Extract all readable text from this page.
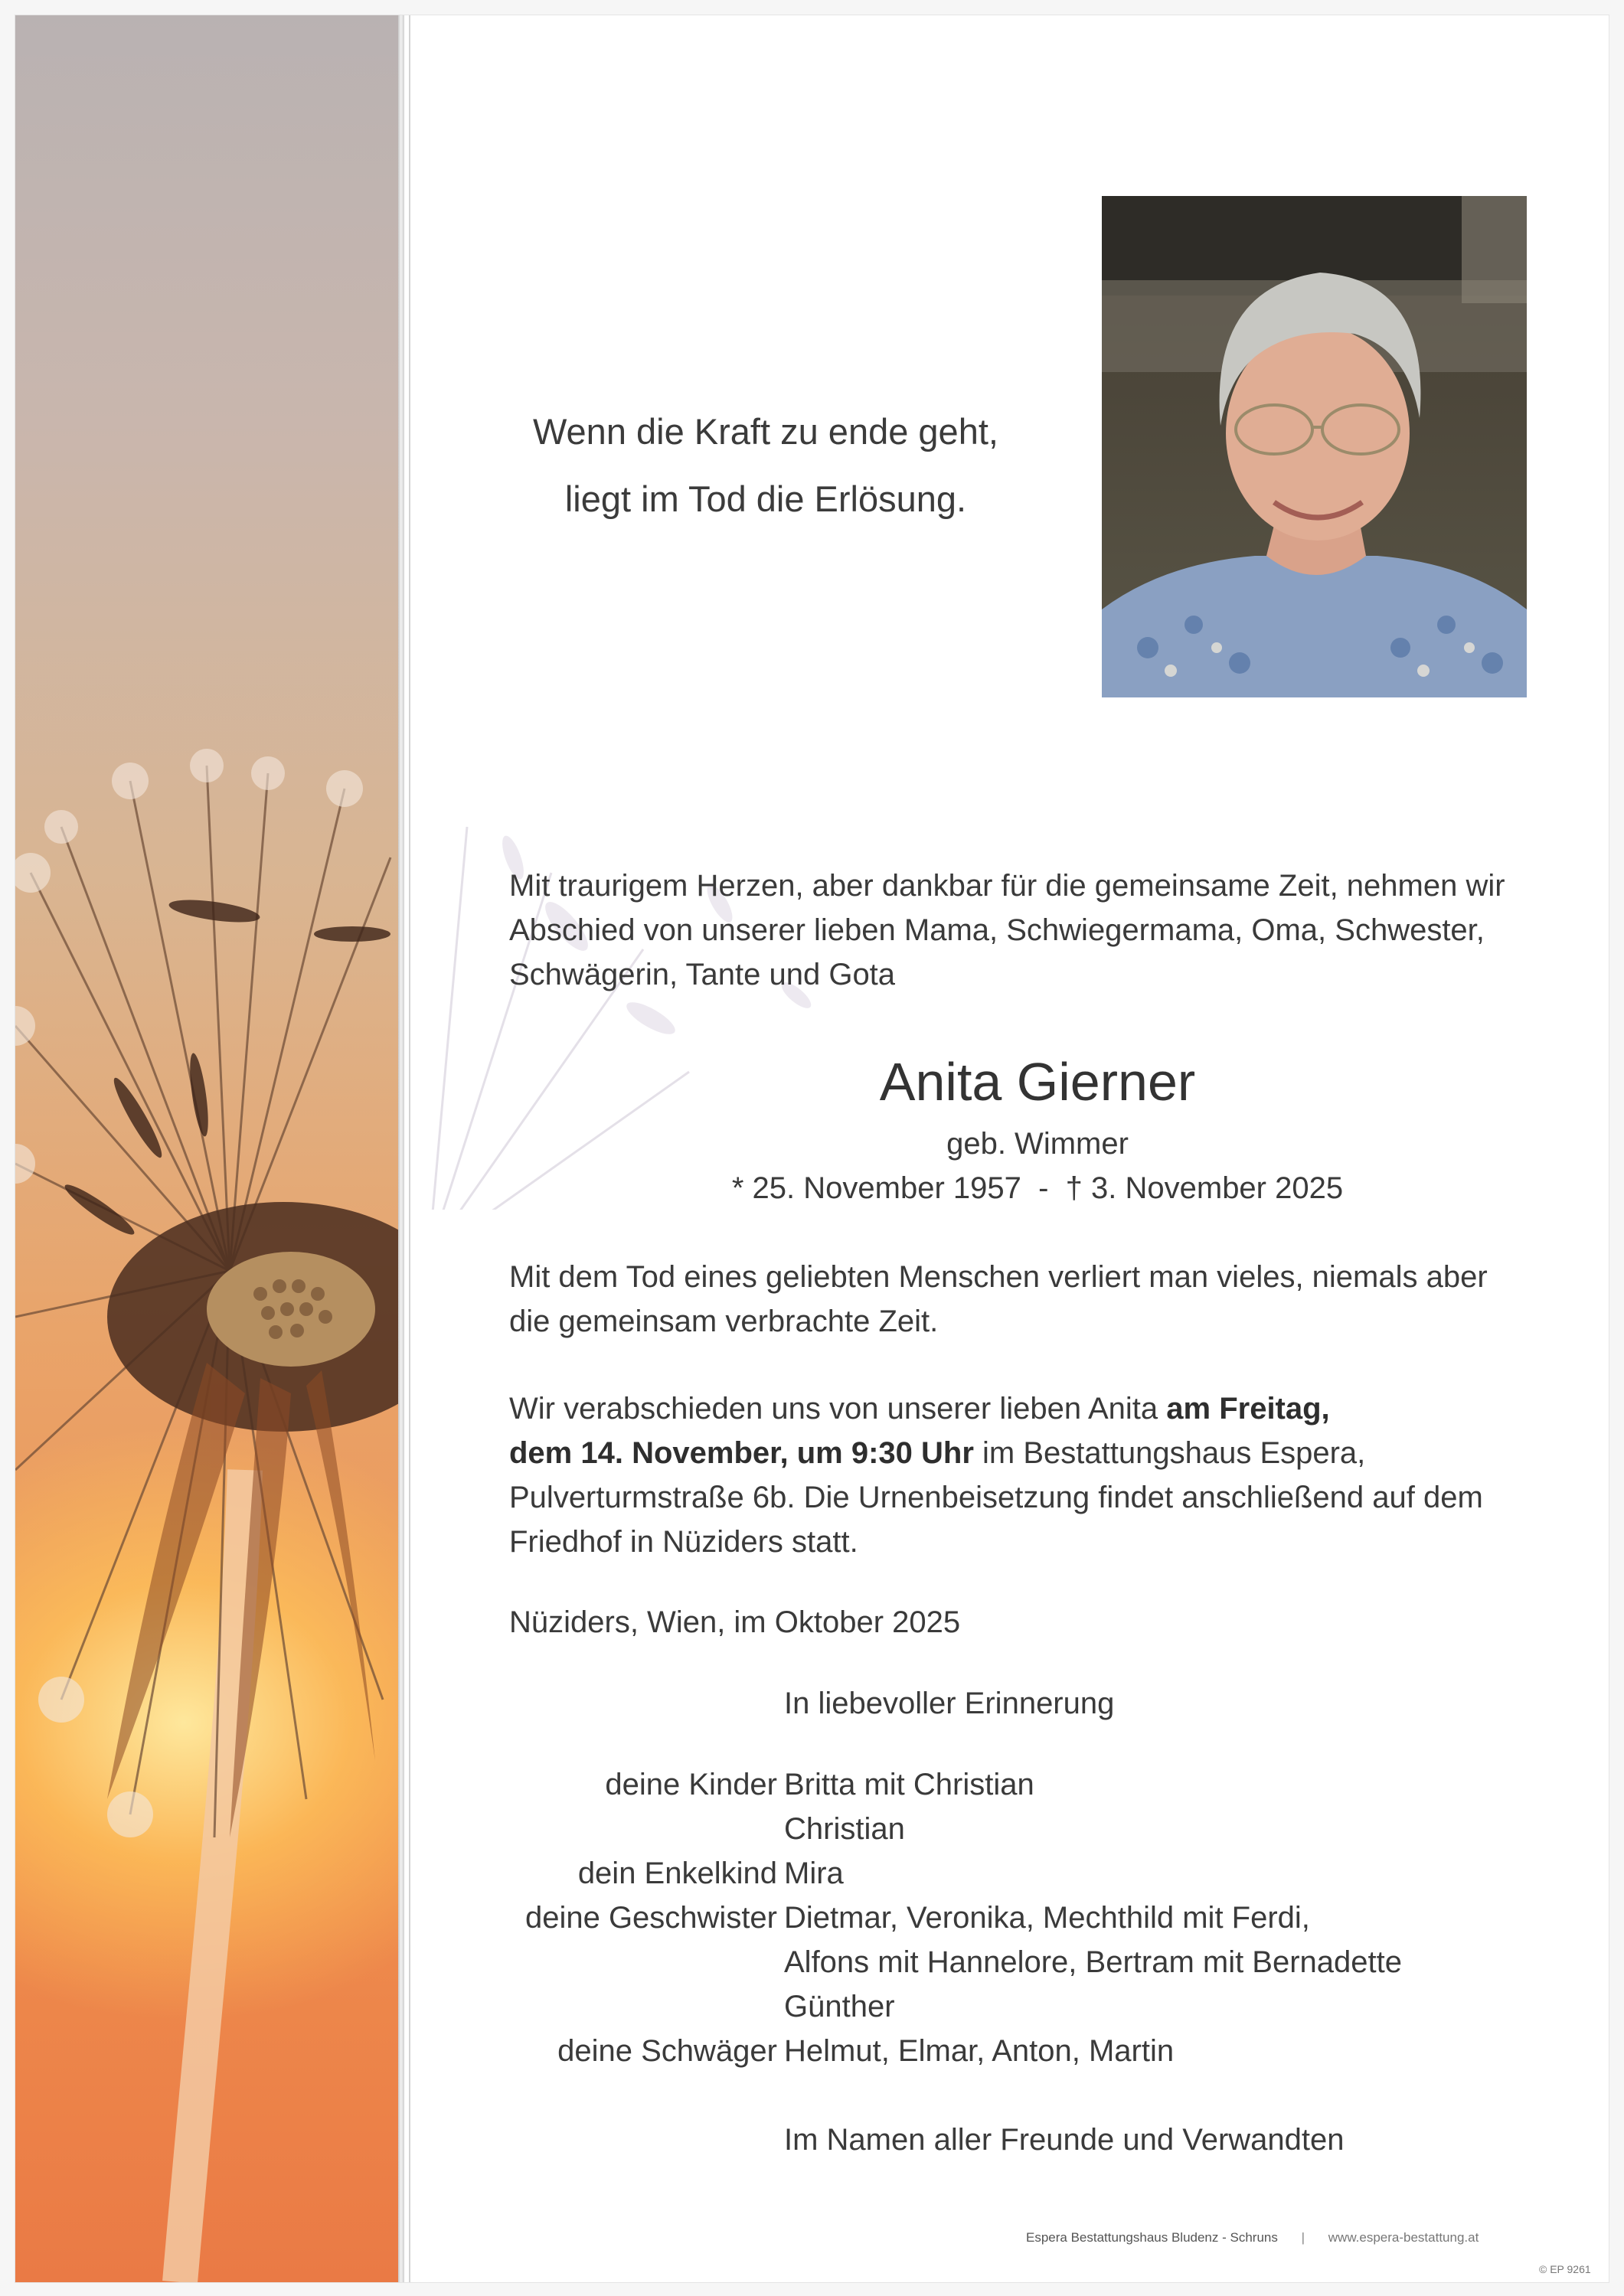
Wenn die Kraft zu ende geht,
liegt im Tod die Erlösung.
Mit traurigem Herzen, aber dankbar für die gemeinsame Zeit, nehmen wir
Abschied von unserer lieben Mama, Schwiegermama, Oma, Schwester,
Schwägerin, Tante und Gota
Anita Gierner
geb. Wimmer
* 25. November 1957  -  † 3. November 2025
Mit dem Tod eines geliebten Menschen verliert man vieles, niemals aber
die gemeinsam verbrachte Zeit.
Wir verabschieden uns von unserer lieben Anita am Freitag,
dem 14. November, um 9:30 Uhr im Bestattungshaus Espera,
Pulverturmstraße 6b. Die Urnenbeisetzung findet anschließend auf dem
Friedhof in Nüziders statt.
Nüziders, Wien, im Oktober 2025
In liebevoller Erinnerung
deine Kinder Britta mit Christian
Christian
dein Enkelkind Mira
deine Geschwister Dietmar, Veronika, Mechthild mit Ferdi,
Alfons mit Hannelore, Bertram mit Bernadette
Günther
deine Schwäger Helmut, Elmar, Anton, Martin
Im Namen aller Freunde und Verwandten
Espera Bestattungshaus Bludenz - Schruns | www.espera-bestattung.at
© EP 9261
